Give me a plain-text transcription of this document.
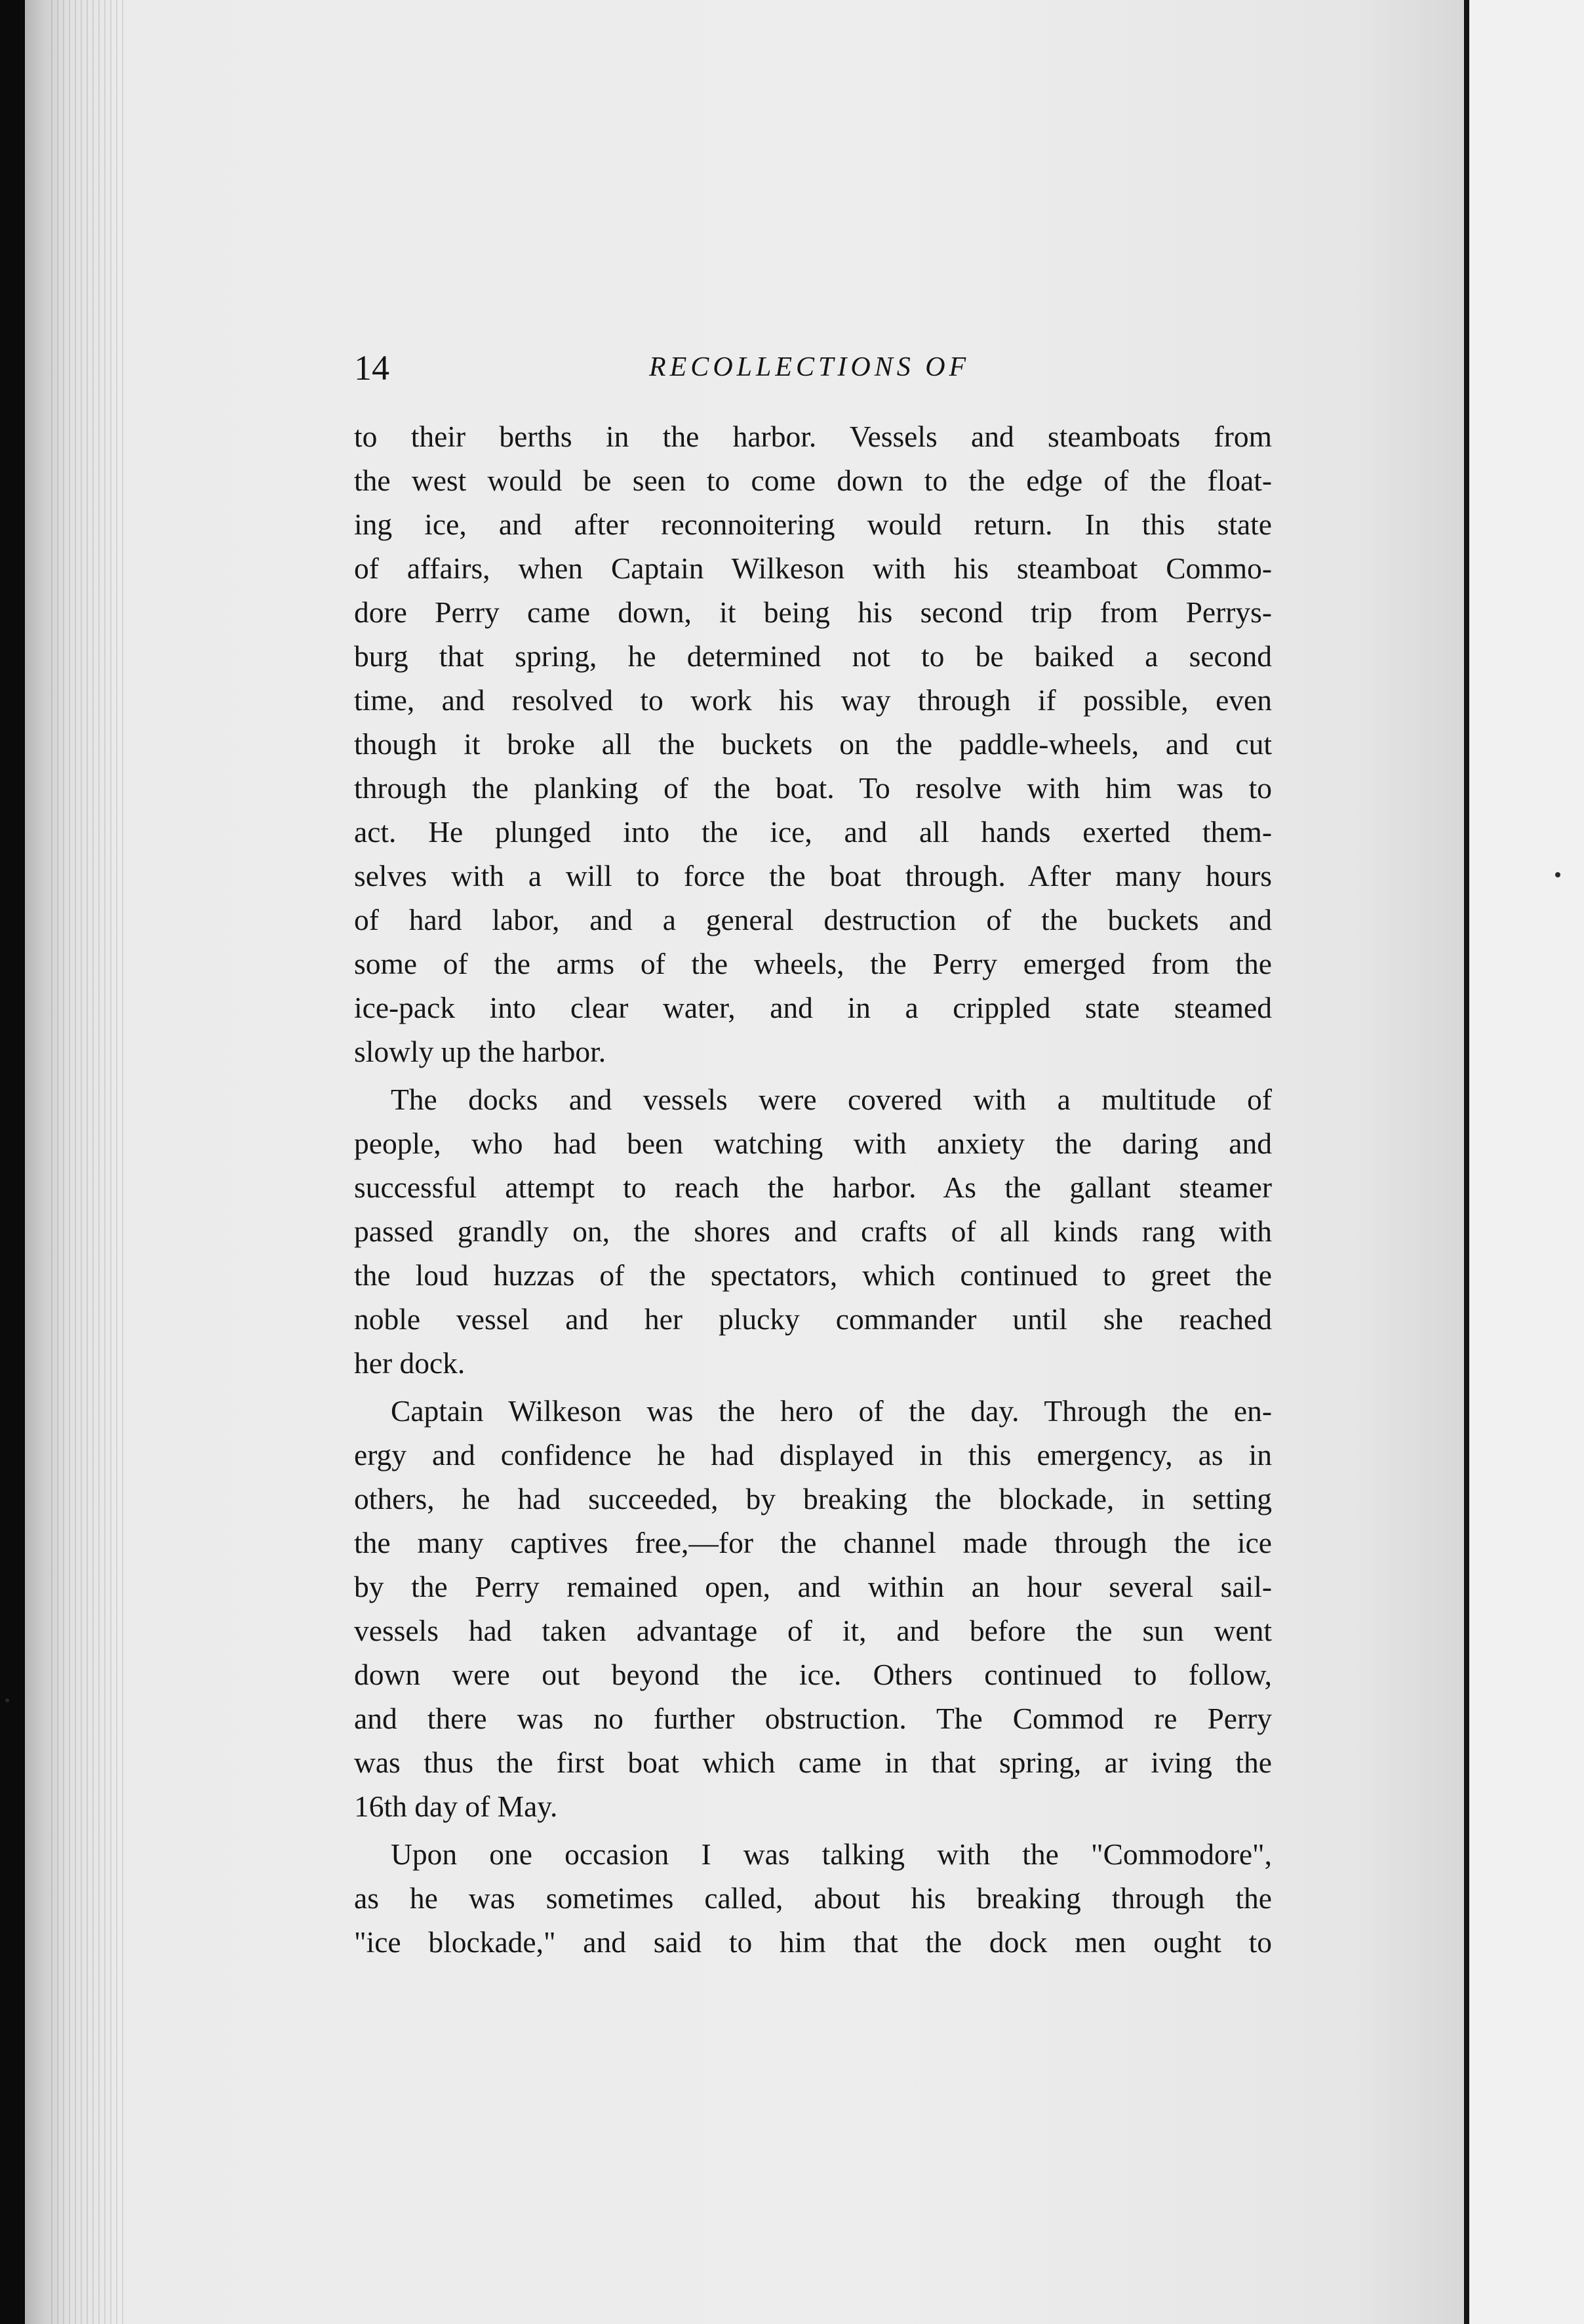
14	RECOLLECTIONS OF
to their berths in the harbor. Vessels and steamboats from
the west would be seen to come down to the edge of the float-
ing ice, and after reconnoitering would return. In this state
of affairs, when Captain Wilkeson with his steamboat Commo-
dore Perry came down, it being his second trip from Perrys-
burg that spring, he determined not to be baiked a second
time, and resolved to work his way through if possible, even
though it broke all the buckets on the paddle-wheels, and cut
through the planking of the boat. To resolve with him was to
act. He plunged into the ice, and all hands exerted them-
selves with a will to force the boat through. After many hours
of hard labor, and a general destruction of the buckets and
some of the arms of the wheels, the Perry emerged from the
ice-pack into clear water, and in a crippled state steamed
slowly up the harbor.
The docks and vessels were covered with a multitude of
people, who had been watching with anxiety the daring and
successful attempt to reach the harbor. As the gallant steamer
passed grandly on, the shores and crafts of all kinds rang with
the loud huzzas of the spectators, which continued to greet the
noble vessel and her plucky commander until she reached
her dock.
Captain Wilkeson was the hero of the day. Through the en-
ergy and confidence he had displayed in this emergency, as in
others, he had succeeded, by breaking the blockade, in setting
the many captives free,—for the channel made through the ice
by the Perry remained open, and within an hour several sail-
vessels had taken advantage of it, and before the sun went
down were out beyond the ice. Others continued to follow,
and there was no further obstruction. The Commod re Perry
was thus the first boat which came in that spring, ar iving the
16th day of May.
Upon one occasion I was talking with the "Commodore",
as he was sometimes called, about his breaking through the
"ice blockade," and said to him that the dock men ought to
